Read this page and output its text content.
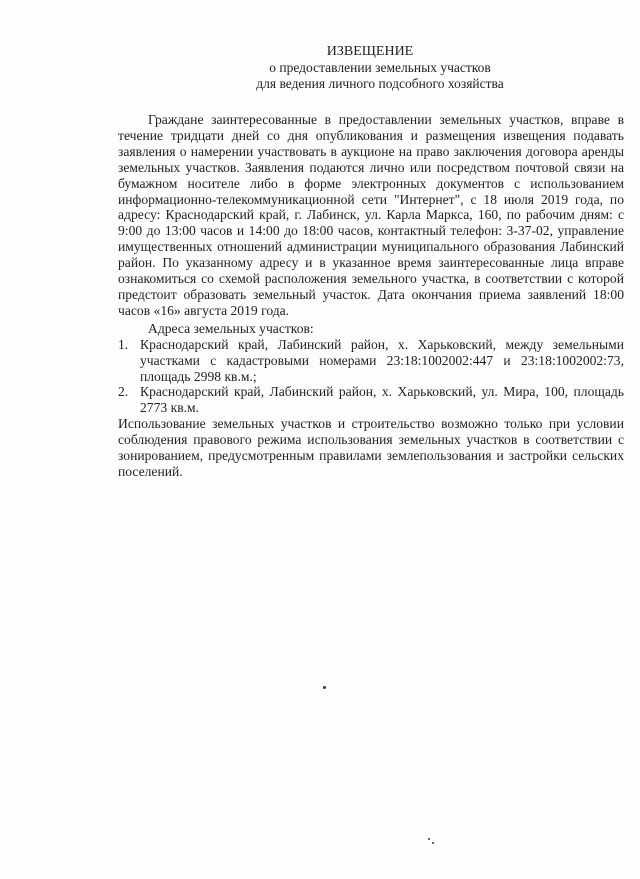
ИЗВЕЩЕНИЕ
о предоставлении земельных участков
для ведения личного подсобного хозяйства

Граждане заинтересованные в предоставлении земельных участков, вправе в течение тридцати дней со дня опубликования и размещения извещения подавать заявления о намерении участвовать в аукционе на право заключения договора аренды земельных участков. Заявления подаются лично или посредством почтовой связи на бумажном носителе либо в форме электронных документов с использованием информационно-телекоммуникационной сети "Интернет", с 18 июля 2019 года, по адресу: Краснодарский край, г. Лабинск, ул. Карла Маркса, 160, по рабочим дням: с 9:00 до 13:00 часов и 14:00 до 18:00 часов, контактный телефон: 3-37-02, управление имущественных отношений администрации муниципального образования Лабинский район. По указанному адресу и в указанное время заинтересованные лица вправе ознакомиться со схемой расположения земельного участка, в соответствии с которой предстоит образовать земельный участок. Дата окончания приема заявлений 18:00 часов «16» августа 2019 года.

Адреса земельных участков:

1. Краснодарский край, Лабинский район, х. Харьковский, между земельными участками с кадастровыми номерами 23:18:1002002:447 и 23:18:1002002:73, площадь 2998 кв.м.;
2. Краснодарский край, Лабинский район, х. Харьковский, ул. Мира, 100, площадь 2773 кв.м.

Использование земельных участков и строительство возможно только при условии соблюдения правового режима использования земельных участков в соответствии с зонированием, предусмотренным правилами землепользования и застройки сельских поселений.
